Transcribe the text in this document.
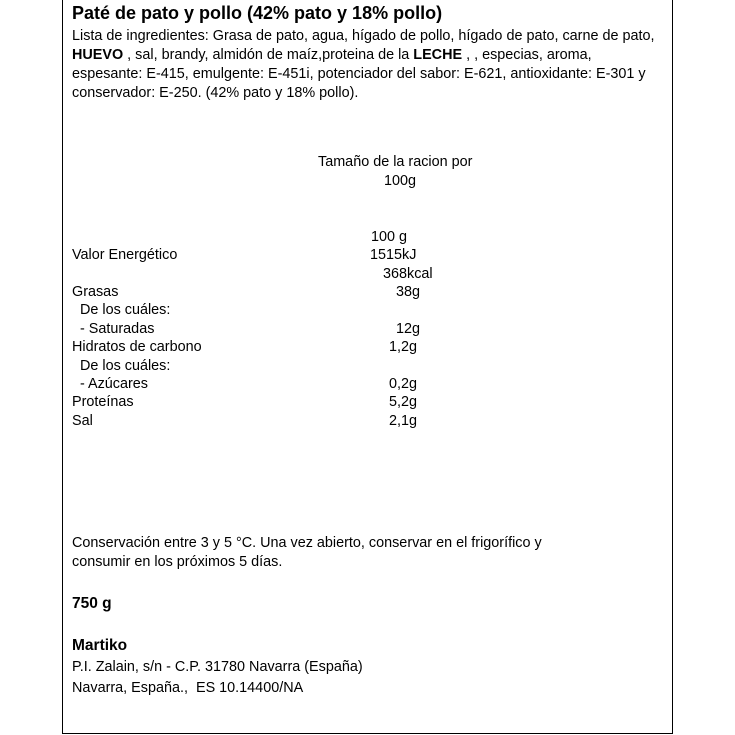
Paté de pato y pollo (42% pato y 18% pollo)
Lista de ingredientes: Grasa de pato, agua, hígado de pollo, hígado de pato, carne de pato, HUEVO , sal, brandy, almidón de maíz,proteina de la LECHE , , especias, aroma, espesante: E-415, emulgente: E-451i, potenciador del sabor: E-621, antioxidante: E-301 y conservador: E-250. (42% pato y 18% pollo).
Tamaño de la racion por
100g
100 g
Valor Energético	1515kJ
368kcal
Grasas	38g
De los cuáles:
- Saturadas	12g
Hidratos de carbono	1,2g
De los cuáles:
- Azúcares	0,2g
Proteínas	5,2g
Sal	2,1g
Conservación entre 3 y 5 °C. Una vez abierto, conservar en el frigorífico y
consumir en los próximos 5 días.
750 g
Martiko
P.I. Zalain, s/n - C.P. 31780 Navarra (España)
Navarra, España.,  ES 10.14400/NA
